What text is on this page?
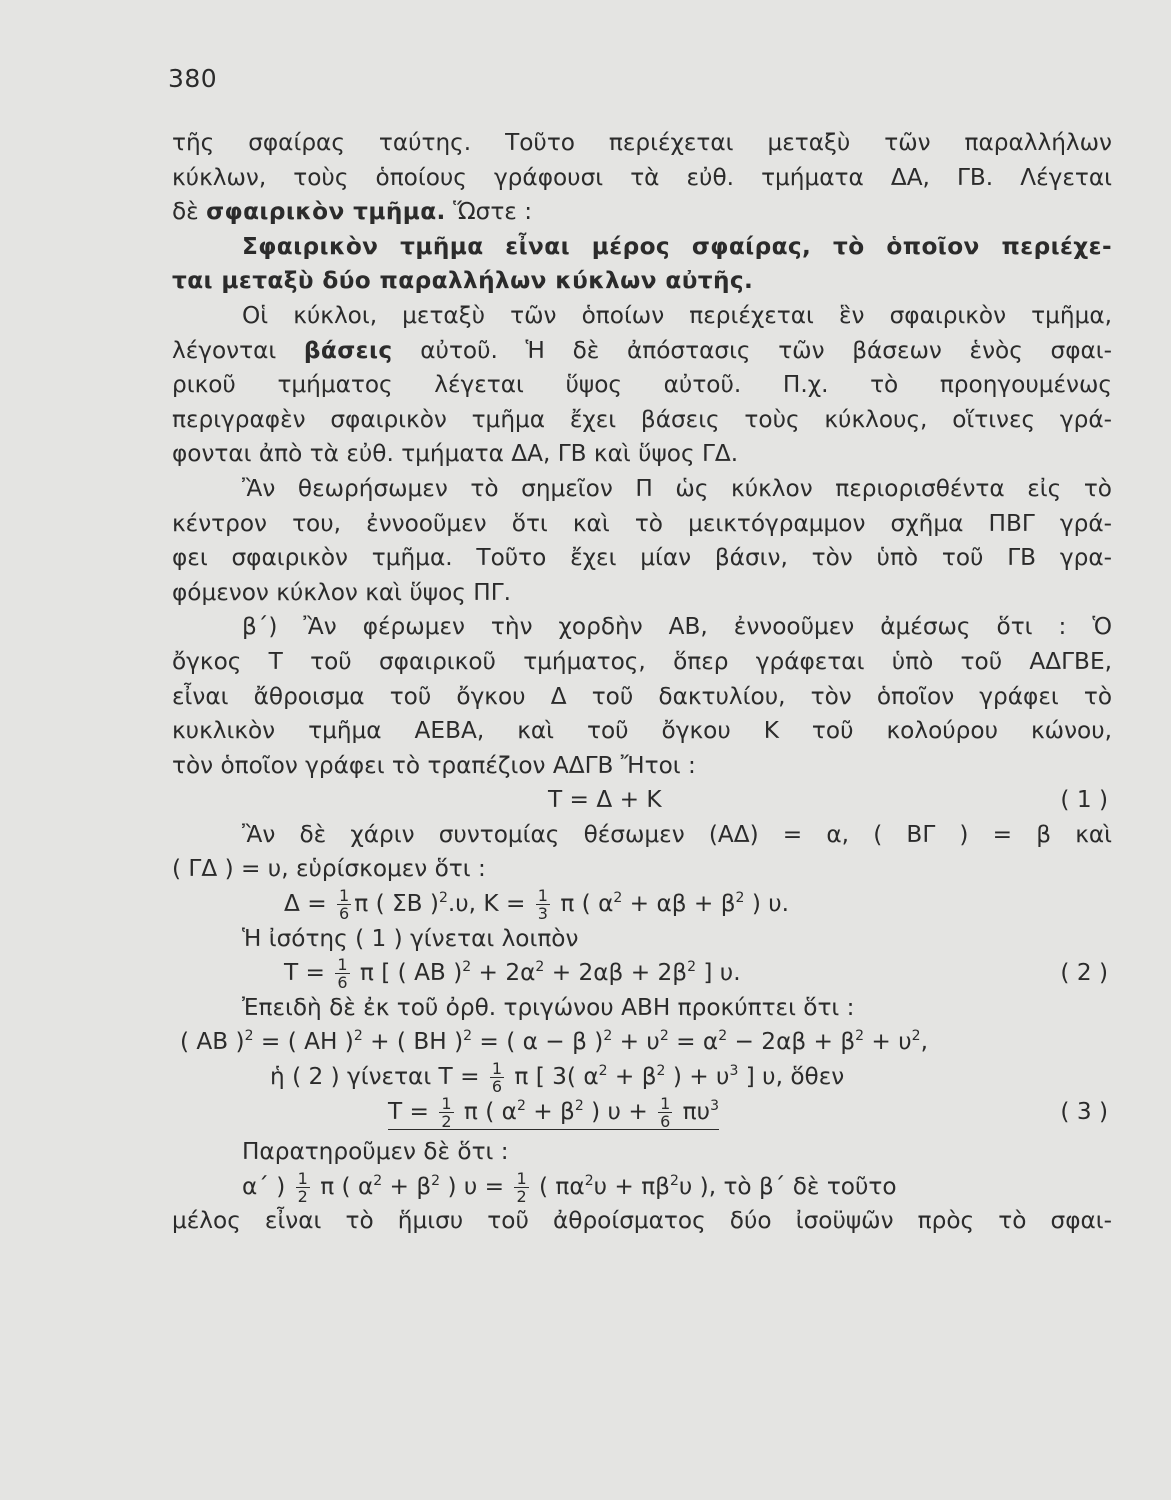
380
τῆς σφαίρας ταύτης. Τοῦτο περιέχεται μεταξὺ τῶν παραλλήλων
κύκλων, τοὺς ὁποίους γράφουσι τὰ εὐθ. τμήματα ΔΑ, ΓΒ. Λέγεται
δὲ σφαιρικὸν τμῆμα. Ὥστε :
Σφαιρικὸν τμῆμα εἶναι μέρος σφαίρας, τὸ ὁποῖον περιέχε-
ται μεταξὺ δύο παραλλήλων κύκλων αὐτῆς.
Οἱ κύκλοι, μεταξὺ τῶν ὁποίων περιέχεται ἓν σφαιρικὸν τμῆμα,
λέγονται βάσεις αὐτοῦ. Ἡ δὲ ἀπόστασις τῶν βάσεων ἑνὸς σφαι-
ρικοῦ τμήματος λέγεται ὕψος αὐτοῦ. Π.χ. τὸ προηγουμένως
περιγραφὲν σφαιρικὸν τμῆμα ἔχει βάσεις τοὺς κύκλους, οἵτινες γρά-
φονται ἀπὸ τὰ εὐθ. τμήματα ΔΑ, ΓΒ καὶ ὕψος ΓΔ.
Ἂν θεωρήσωμεν τὸ σημεῖον Π ὡς κύκλον περιορισθέντα εἰς τὸ
κέντρον του, ἐννοοῦμεν ὅτι καὶ τὸ μεικτόγραμμον σχῆμα ΠΒΓ γρά-
φει σφαιρικὸν τμῆμα. Τοῦτο ἔχει μίαν βάσιν, τὸν ὑπὸ τοῦ ΓΒ γρα-
φόμενον κύκλον καὶ ὕψος ΠΓ.
β΄) Ἂν φέρωμεν τὴν χορδὴν ΑΒ, ἐννοοῦμεν ἀμέσως ὅτι : Ὁ
ὄγκος Τ τοῦ σφαιρικοῦ τμήματος, ὅπερ γράφεται ὑπὸ τοῦ ΑΔΓΒΕ,
εἶναι ἄθροισμα τοῦ ὄγκου Δ τοῦ δακτυλίου, τὸν ὁποῖον γράφει τὸ
κυκλικὸν τμῆμα ΑΕΒΑ, καὶ τοῦ ὄγκου Κ τοῦ κολούρου κώνου,
τὸν ὁποῖον γράφει τὸ τραπέζιον ΑΔΓΒ Ἤτοι :
Τ = Δ + Κ	( 1 )
Ἂν δὲ χάριν συντομίας θέσωμεν (ΑΔ) = α, ( ΒΓ ) = β καὶ
( ΓΔ ) = υ, εὑρίσκομεν ὅτι :
$\Delta = \frac{1}{6}$ π ( ΣΒ )$^2$.υ, $K = \frac{1}{3}$ π ( $\alpha^2 + \alpha\beta + \beta^2$ ) υ.
Ἡ ἰσότης ( 1 ) γίνεται λοιπὸν
$T = \frac{1}{6}$ π [ ( ΑΒ )$^2 + 2\alpha^2 + 2\alpha\beta + 2\beta^2$ ] υ.	( 2 )
Ἐπειδὴ δὲ ἐκ τοῦ ὀρθ. τριγώνου ΑΒΗ προκύπτει ὅτι :
( ΑΒ )$^2$ = ( ΑΗ )$^2$ + ( ΒΗ )$^2$ = ( α − β )$^2 + \upsilon^2 = \alpha^2 - 2\alpha\beta + \beta^2 + \upsilon^2$,
ἡ ( 2 ) γίνεται $T = \frac{1}{6}$ π [ 3( $\alpha^2 + \beta^2$ ) + $\upsilon^3$ ] υ, ὅθεν
$T = \frac{1}{2}$ π ( $\alpha^2 + \beta^2$ ) $\upsilon + \frac{1}{6} \pi\upsilon^3$	( 3 )
Παρατηροῦμεν δὲ ὅτι :
α΄ ) $\frac{1}{2}$ π ( $\alpha^2 + \beta^2$ ) $\upsilon = \frac{1}{2}$ ( $\pi\alpha^2\upsilon + \pi\beta^2\upsilon$ ), τὸ β΄ δὲ τοῦτο
μέλος εἶναι τὸ ἥμισυ τοῦ ἀθροίσματος δύο ἰσοϋψῶν πρὸς τὸ σφαι-
